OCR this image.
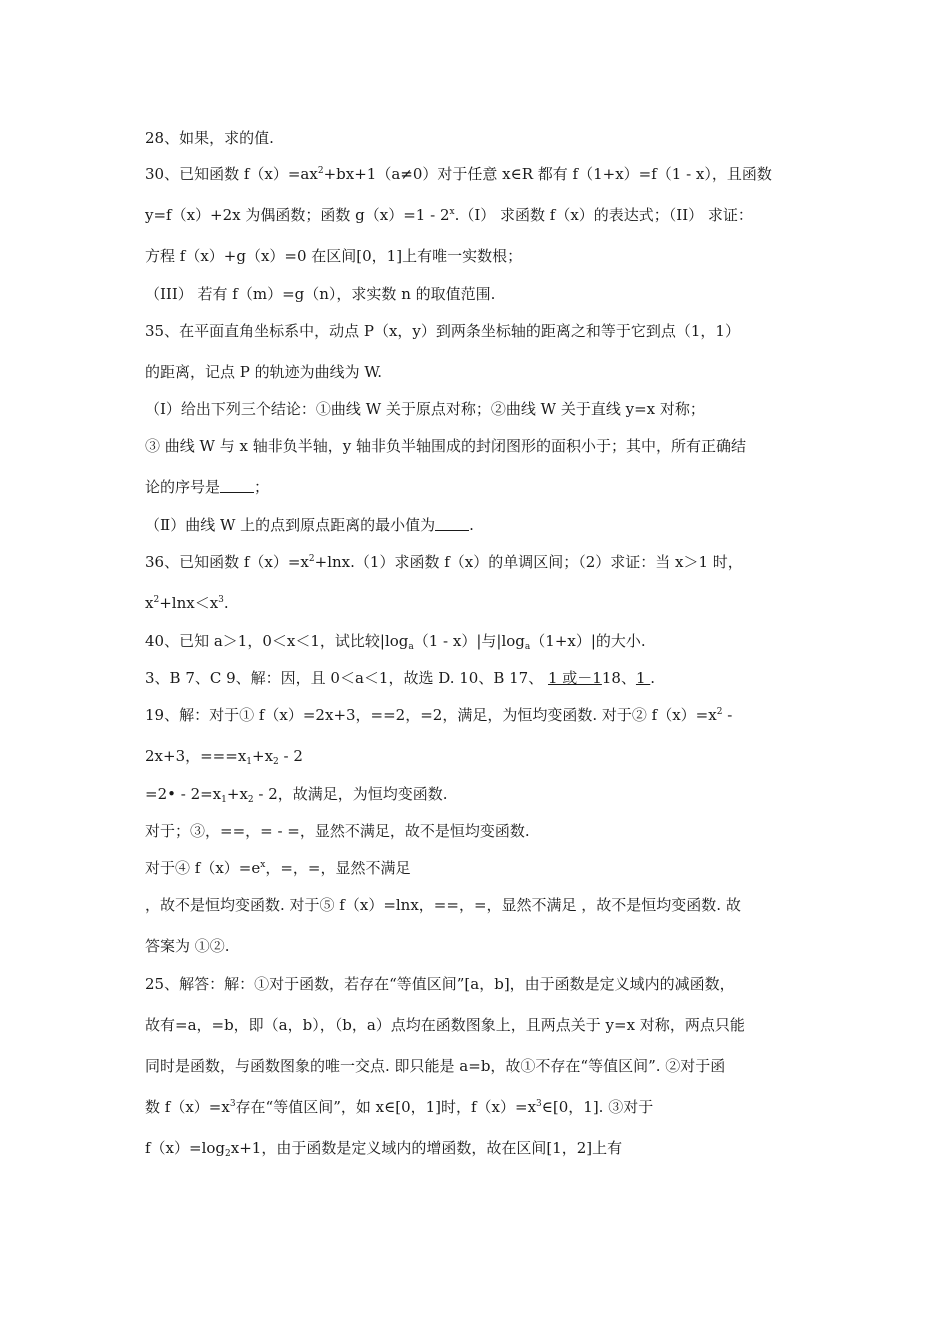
28、如果，求的值.
30、已知函数 $f(x)=ax^2+bx+1(a\ne 0)$对于任意 x∈R 都有 f（1+x）=f（1 - x），且函数
y=f（x）+2x 为偶函数；函数 g（x）=1 - 2$^x$.（I） 求函数 f（x）的表达式；（II） 求证：
方程 f（x）+g（x）=0 在区间[0，1]上有唯一实数根；
（III） 若有 f（m）=g（n），求实数 n 的取值范围.
35、在平面直角坐标系中，动点 P（x，y）到两条坐标轴的距离之和等于它到点（1，1）
的距离，记点 P 的轨迹为曲线为 W.
（Ⅰ）给出下列三个结论：①曲线 W 关于原点对称；②曲线 W 关于直线 y=x 对称；
③ 曲线 W 与 x 轴非负半轴，y 轴非负半轴围成的封闭图形的面积小于；其中，所有正确结
论的序号是 ；
（Ⅱ）曲线 W 上的点到原点距离的最小值为 .
36、已知函数 $f(x)=x^2+\ln x.(1)$求函数 f（x）的单调区间；（2）求证：当 x＞1 时，
$x^2+\ln x<x^3$.
40、已知 a＞1，0＜x＜1，试比较$|\log_a(1 - x)|$与$|\log_a(1+x)|$的大小.
3、B 7、C 9、解：因，且 0＜a＜1，故选 D. 10、B 17、 1 或－118、1 .
19、解：对于① f（x）=2x+3，==2，=2，满足，为恒均变函数. 对于② $f(x)=x^2$ -
2x+3，$===x_1+x_2 - 2$
=2• - $2=x_1+x_2 - 2$，故满足，为恒均变函数.
对于；③，==，= - =，显然不满足，故不是恒均变函数.
对于④ $f(x)=e^x$，=，=，显然不满足
，故不是恒均变函数. 对于⑤ f（x）=lnx，==，=，显然不满足 ，故不是恒均变函数. 故
答案为 ①②.
25、解答：解：①对于函数，若存在“等值区间”[a，b]，由于函数是定义域内的减函数，
故有=a，=b，即（a，b），（b，a）点均在函数图象上，且两点关于 y=x 对称，两点只能
同时是函数，与函数图象的唯一交点. 即只能是 a=b，故①不存在“等值区间”. ②对于函
数 $f(x)=x^3$存在“等值区间”，如 x∈[0，1]时，$f(x)=x^3\in[0$，1]. ③对于
$f(x)=\log_2x+1$，由于函数是定义域内的增函数，故在区间[1，2]上有
